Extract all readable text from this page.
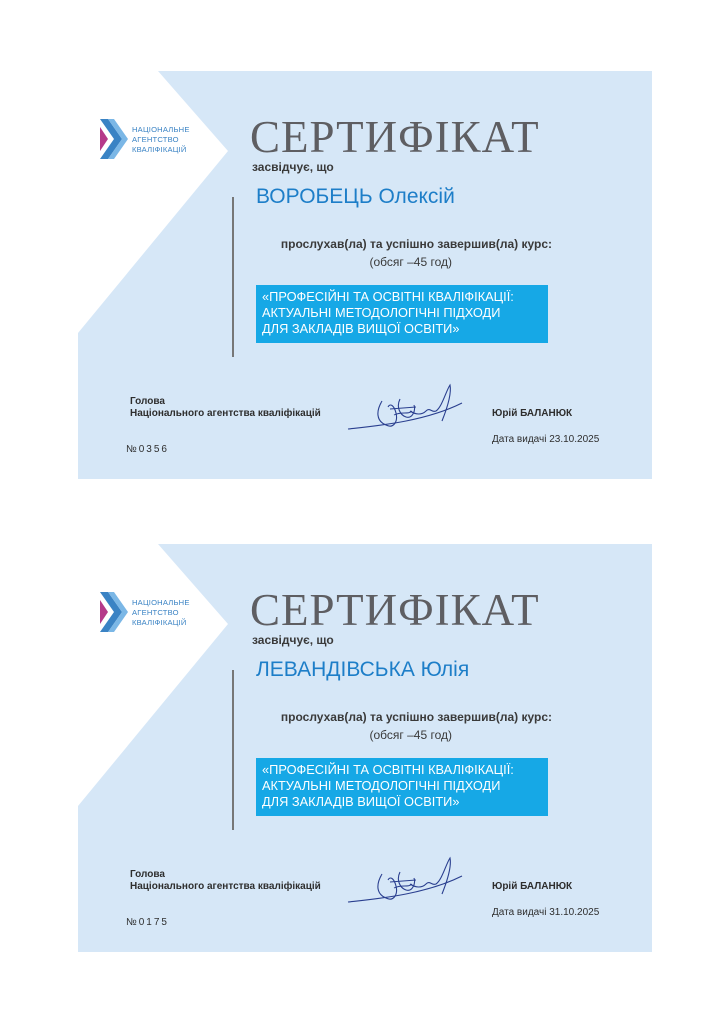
НАЦІОНАЛЬНЕ
АГЕНТСТВО
КВАЛІФІКАЦІЙ СЕРТИФІКАТ
засвідчує, що
ВОРОБЕЦЬ Олексій
прослухав(ла) та успішно завершив(ла) курс:
(обсяг –45 год)
«ПРОФЕСІЙНІ ТА ОСВІТНІ КВАЛІФІКАЦІЇ:
АКТУАЛЬНІ МЕТОДОЛОГІЧНІ ПІДХОДИ
ДЛЯ ЗАКЛАДІВ ВИЩОЇ ОСВІТИ»
Голова
Національного агентства кваліфікацій	Юрій БАЛАНЮК
Дата видачі 23.10.2025
№0356
НАЦІОНАЛЬНЕ
АГЕНТСТВО
КВАЛІФІКАЦІЙ СЕРТИФІКАТ
засвідчує, що
ЛЕВАНДІВСЬКА Юлія
прослухав(ла) та успішно завершив(ла) курс:
(обсяг –45 год)
«ПРОФЕСІЙНІ ТА ОСВІТНІ КВАЛІФІКАЦІЇ:
АКТУАЛЬНІ МЕТОДОЛОГІЧНІ ПІДХОДИ
ДЛЯ ЗАКЛАДІВ ВИЩОЇ ОСВІТИ»
Голова
Національного агентства кваліфікацій	Юрій БАЛАНЮК
Дата видачі 31.10.2025
№0175
